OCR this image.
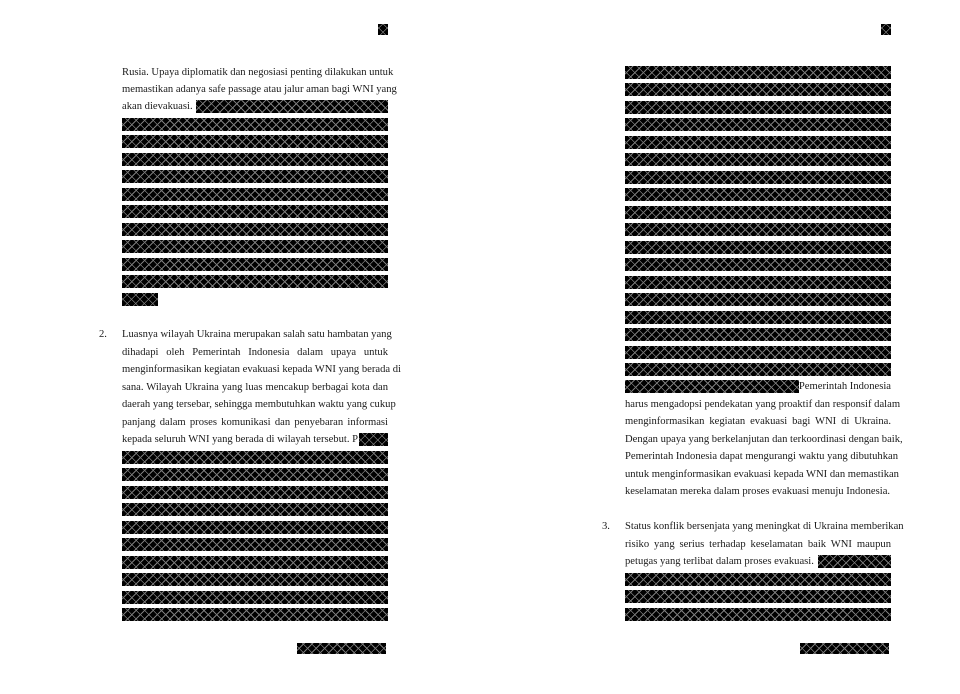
Rusia. Upaya diplomatik dan negosiasi penting dilakukan untuk
memastikan adanya safe passage atau jalur aman bagi WNI yang
akan dievakuasi.
2. Luasnya wilayah Ukraina merupakan salah satu hambatan yang
dihadapi oleh Pemerintah Indonesia dalam upaya untuk
menginformasikan kegiatan evakuasi kepada WNI yang berada di
sana. Wilayah Ukraina yang luas mencakup berbagai kota dan
daerah yang tersebar, sehingga membutuhkan waktu yang cukup
panjang dalam proses komunikasi dan penyebaran informasi
kepada seluruh WNI yang berada di wilayah tersebut. P
Pemerintah Indonesia
harus mengadopsi pendekatan yang proaktif dan responsif dalam
menginformasikan kegiatan evakuasi bagi WNI di Ukraina.
Dengan upaya yang berkelanjutan dan terkoordinasi dengan baik,
Pemerintah Indonesia dapat mengurangi waktu yang dibutuhkan
untuk menginformasikan evakuasi kepada WNI dan memastikan
keselamatan mereka dalam proses evakuasi menuju Indonesia.
3. Status konflik bersenjata yang meningkat di Ukraina memberikan
risiko yang serius terhadap keselamatan baik WNI maupun
petugas yang terlibat dalam proses evakuasi.
